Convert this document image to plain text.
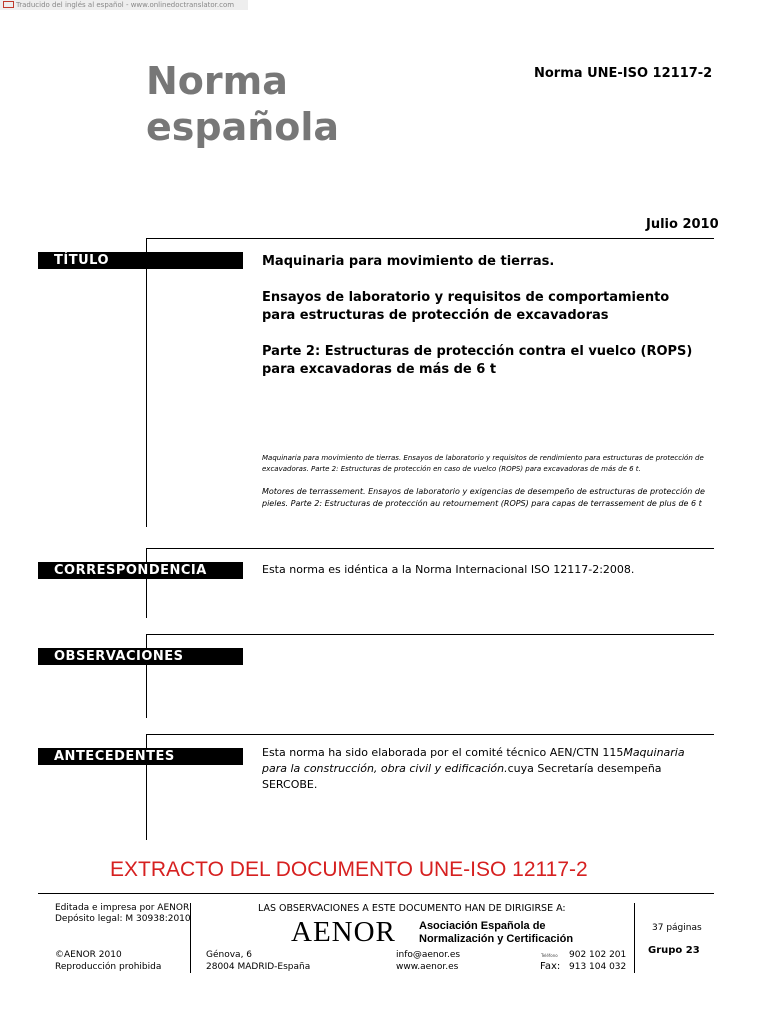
Traducido del inglés al español - www.onlinedoctranslator.com
Norma
española
Norma UNE-ISO 12117-2
Julio 2010
TÍTULO	Maquinaria para movimiento de tierras.
Ensayos de laboratorio y requisitos de comportamiento para estructuras de protección de excavadoras
Parte 2: Estructuras de protección contra el vuelco (ROPS) para excavadoras de más de 6 t
Maquinaria para movimiento de tierras. Ensayos de laboratorio y requisitos de rendimiento para estructuras de protección de excavadoras. Parte 2: Estructuras de protección en caso de vuelco (ROPS) para excavadoras de más de 6 t.
Motores de terrassement. Ensayos de laboratorio y exigencias de desempeño de estructuras de protección de pieles. Parte 2: Estructuras de protección au retournement (ROPS) para capas de terrassement de plus de 6 t
CORRESPONDENCIA	Esta norma es idéntica a la Norma Internacional ISO 12117-2:2008.
OBSERVACIONES
ANTECEDENTES	Esta norma ha sido elaborada por el comité técnico AEN/CTN 115Maquinaria para la construcción, obra civil y edificación.cuya Secretaría desempeña SERCOBE.
EXTRACTO DEL DOCUMENTO UNE-ISO 12117-2
Editada e impresa por AENOR
Depósito legal: M 30938:2010
©AENOR 2010
Reproducción prohibida
LAS OBSERVACIONES A ESTE DOCUMENTO HAN DE DIRIGIRSE A:
AENOR Asociación Española de
Normalización y Certificación
Génova, 6
28004 MADRID-España
info@aenor.es
www.aenor.es
Teléfono 902 102 201
Fax: 913 104 032
37 páginas
Grupo 23
